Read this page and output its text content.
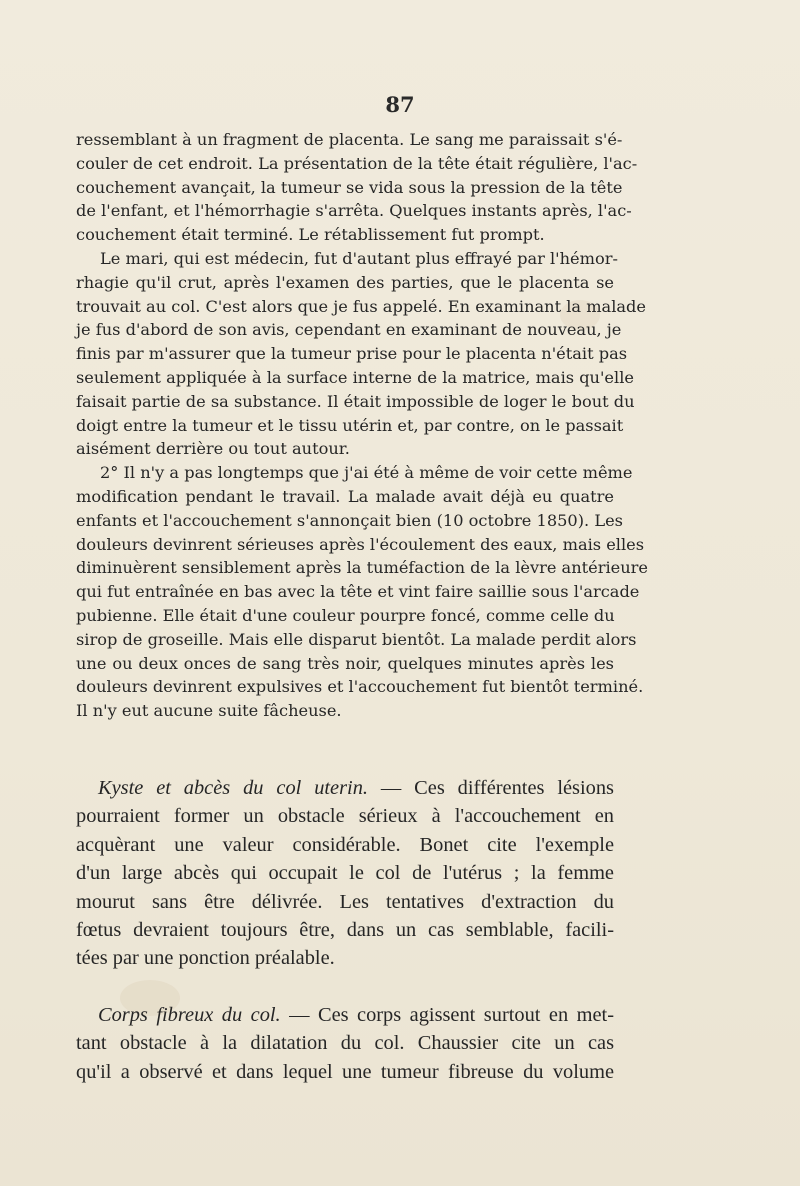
87
ressemblant à un fragment de placenta. Le sang me paraissait s'é-
couler de cet endroit. La présentation de la tête était régulière, l'ac-
couchement avançait, la tumeur se vida sous la pression de la tête
de l'enfant, et l'hémorrhagie s'arrêta. Quelques instants après, l'ac-
couchement était terminé. Le rétablissement fut prompt.
Le mari, qui est médecin, fut d'autant plus effrayé par l'hémor-
rhagie qu'il crut, après l'examen des parties, que le placenta se
trouvait au col. C'est alors que je fus appelé. En examinant la malade
je fus d'abord de son avis, cependant en examinant de nouveau, je
finis par m'assurer que la tumeur prise pour le placenta n'était pas
seulement appliquée à la surface interne de la matrice, mais qu'elle
faisait partie de sa substance. Il était impossible de loger le bout du
doigt entre la tumeur et le tissu utérin et, par contre, on le passait
aisément derrière ou tout autour.
2° Il n'y a pas longtemps que j'ai été à même de voir cette même
modification pendant le travail. La malade avait déjà eu quatre
enfants et l'accouchement s'annonçait bien (10 octobre 1850). Les
douleurs devinrent sérieuses après l'écoulement des eaux, mais elles
diminuèrent sensiblement après la tuméfaction de la lèvre antérieure
qui fut entraînée en bas avec la tête et vint faire saillie sous l'arcade
pubienne. Elle était d'une couleur pourpre foncé, comme celle du
sirop de groseille. Mais elle disparut bientôt. La malade perdit alors
une ou deux onces de sang très noir, quelques minutes après les
douleurs devinrent expulsives et l'accouchement fut bientôt terminé.
Il n'y eut aucune suite fâcheuse.
Kyste et abcès du col uterin. — Ces différentes lésions
pourraient former un obstacle sérieux à l'accouchement en
acquèrant une valeur considérable. Bonet cite l'exemple
d'un large abcès qui occupait le col de l'utérus ; la femme
mourut sans être délivrée. Les tentatives d'extraction du
fœtus devraient toujours être, dans un cas semblable, facili-
tées par une ponction préalable.
Corps fibreux du col. — Ces corps agissent surtout en met-
tant obstacle à la dilatation du col. Chaussier cite un cas
qu'il a observé et dans lequel une tumeur fibreuse du volume
